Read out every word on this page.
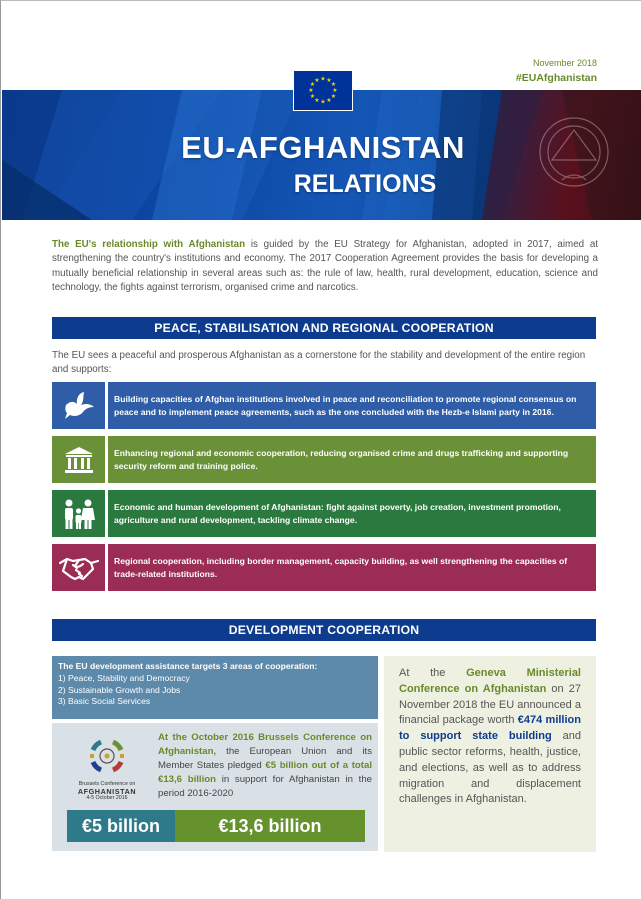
November 2018
#EUAfghanistan
EU-AFGHANISTAN
RELATIONS
★ ★
★
★
★
★
★
★
★
★
★
★

The EU's relationship with Afghanistan is guided by the EU Strategy for Afghanistan, adopted in 2017, aimed at strengthening the country's institutions and economy. The 2017 Cooperation Agreement provides the basis for developing a mutually beneficial relationship in several areas such as: the rule of law, health, rural development, education, science and technology, the fights against terrorism, organised crime and narcotics.

PEACE, STABILISATION AND REGIONAL COOPERATION

The EU sees a peaceful and prosperous Afghanistan as a cornerstone for the stability and development of the entire region and supports:

Building capacities of Afghan institutions involved in peace and reconciliation to promote regional consensus on peace and to implement peace agreements, such as the one concluded with the Hezb-e Islami party in 2016.
Enhancing regional and economic cooperation, reducing organised crime and drugs trafficking and supporting security reform and training police.
Economic and human development of Afghanistan: fight against poverty, job creation, investment promotion, agriculture and rural development, tackling climate change.
Regional cooperation, including border management, capacity building, as well strengthening the capacities of trade-related institutions.
DEVELOPMENT COOPERATION
The EU development assistance targets 3 areas of cooperation:
1) Peace, Stability and Democracy
2) Sustainable Growth and Jobs
3) Basic Social Services
Brussels Conference on
AFGHANISTAN
4-5 October 2016

At the October 2016 Brussels Conference on Afghanistan, the European Union and its Member States pledged €5 billion out of a total €13,6 billion in support for Afghanistan in the period 2016-2020

€5 billion	€13,6 billion

At the Geneva Ministerial Conference on Afghanistan on 27 November 2018 the EU announced a financial package worth €474 million to support state building and public sector reforms, health, justice, and elections, as well as to address migration and displacement challenges in Afghanistan.
